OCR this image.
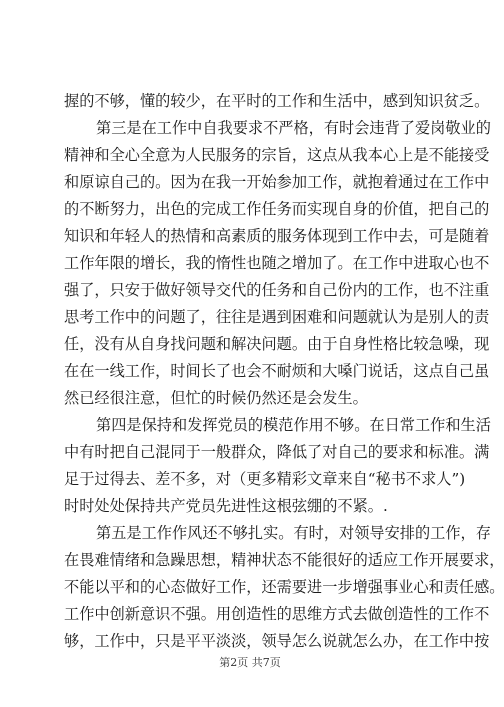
握的不够，懂的较少，在平时的工作和生活中，感到知识贫乏。
第三是在工作中自我要求不严格，有时会违背了爱岗敬业的
精神和全心全意为人民服务的宗旨，这点从我本心上是不能接受
和原谅自己的。因为在我一开始参加工作，就抱着通过在工作中
的不断努力，出色的完成工作任务而实现自身的价值，把自己的
知识和年轻人的热情和高素质的服务体现到工作中去，可是随着
工作年限的增长，我的惰性也随之增加了。在工作中进取心也不
强了，只安于做好领导交代的任务和自己份内的工作，也不注重
思考工作中的问题了，往往是遇到困难和问题就认为是别人的责
任，没有从自身找问题和解决问题。由于自身性格比较急噪，现
在在一线工作，时间长了也会不耐烦和大嗓门说话，这点自己虽
然已经很注意，但忙的时候仍然还是会发生。
第四是保持和发挥党员的模范作用不够。在日常工作和生活
中有时把自己混同于一般群众，降低了对自己的要求和标准。满
足于过得去、差不多，对（更多精彩文章来自“秘书不求人”)
时时处处保持共产党员先进性这根弦绷的不紧。.
第五是工作作风还不够扎实。有时，对领导安排的工作，存
在畏难情绪和急躁思想，精神状态不能很好的适应工作开展要求，
不能以平和的心态做好工作，还需要进一步增强事业心和责任感。
工作中创新意识不强。用创造性的思维方式去做创造性的工作不
够，工作中，只是平平淡淡，领导怎么说就怎么办，在工作中按
第2页 共7页
